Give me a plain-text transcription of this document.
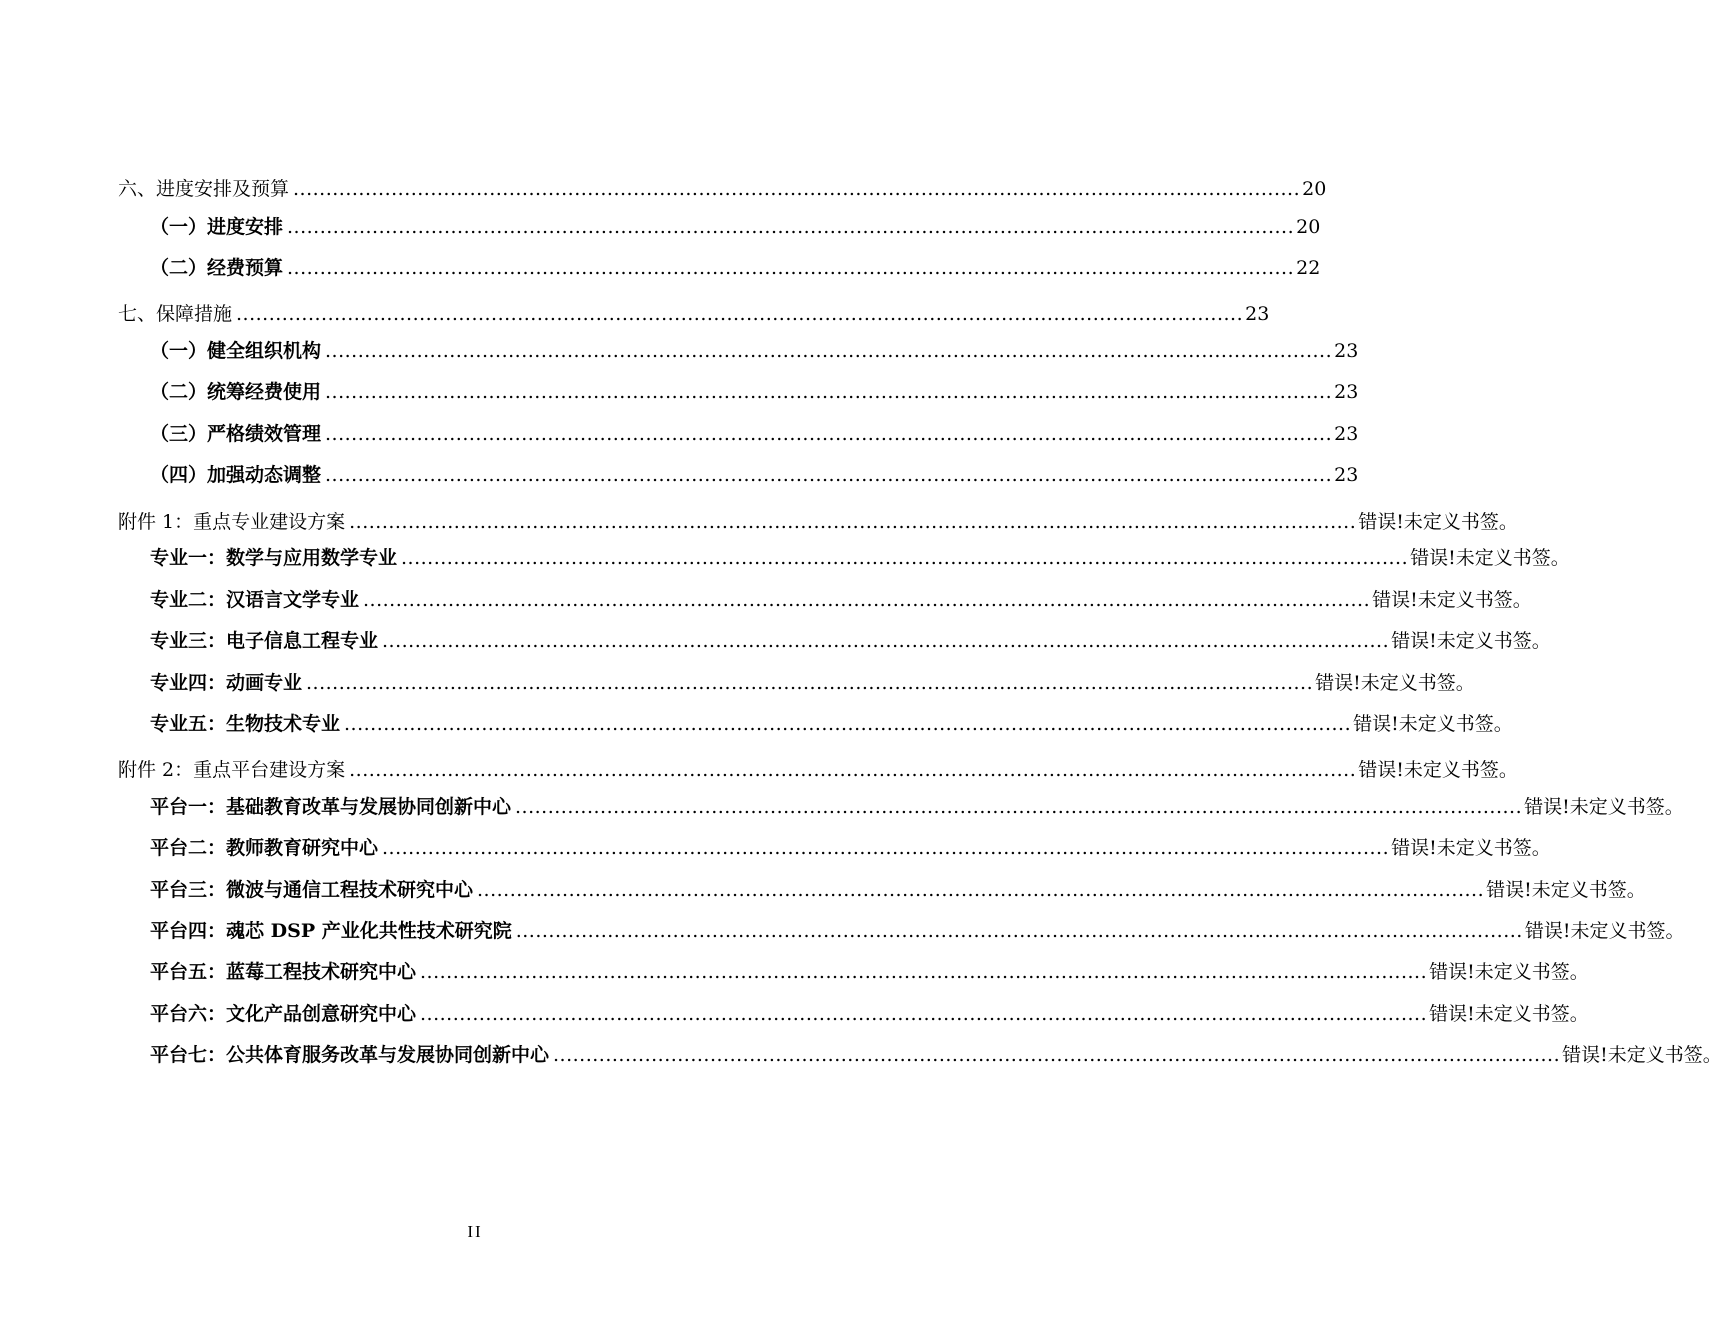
六、进度安排及预算 .......................................................................................................................................................... 20
（一）进度安排 .......................................................................................................................................................... 20
（二）经费预算 .......................................................................................................................................................... 22
七、保障措施 .......................................................................................................................................................... 23
（一）健全组织机构 .......................................................................................................................................................... 23
（二）统筹经费使用 .......................................................................................................................................................... 23
（三）严格绩效管理 .......................................................................................................................................................... 23
（四）加强动态调整 .......................................................................................................................................................... 23
附件 1：重点专业建设方案 .......................................................................................................................................................... 错误!未定义书签。
专业一：数学与应用数学专业 .......................................................................................................................................................... 错误!未定义书签。
专业二：汉语言文学专业 .......................................................................................................................................................... 错误!未定义书签。
专业三：电子信息工程专业 .......................................................................................................................................................... 错误!未定义书签。
专业四：动画专业 .......................................................................................................................................................... 错误!未定义书签。
专业五：生物技术专业 .......................................................................................................................................................... 错误!未定义书签。
附件 2：重点平台建设方案 .......................................................................................................................................................... 错误!未定义书签。
平台一：基础教育改革与发展协同创新中心 .......................................................................................................................................................... 错误!未定义书签。
平台二：教师教育研究中心 .......................................................................................................................................................... 错误!未定义书签。
平台三：微波与通信工程技术研究中心 .......................................................................................................................................................... 错误!未定义书签。
平台四：魂芯 DSP 产业化共性技术研究院 .......................................................................................................................................................... 错误!未定义书签。
平台五：蓝莓工程技术研究中心 .......................................................................................................................................................... 错误!未定义书签。
平台六：文化产品创意研究中心 .......................................................................................................................................................... 错误!未定义书签。
平台七：公共体育服务改革与发展协同创新中心 .......................................................................................................................................................... 错误!未定义书签。
II
